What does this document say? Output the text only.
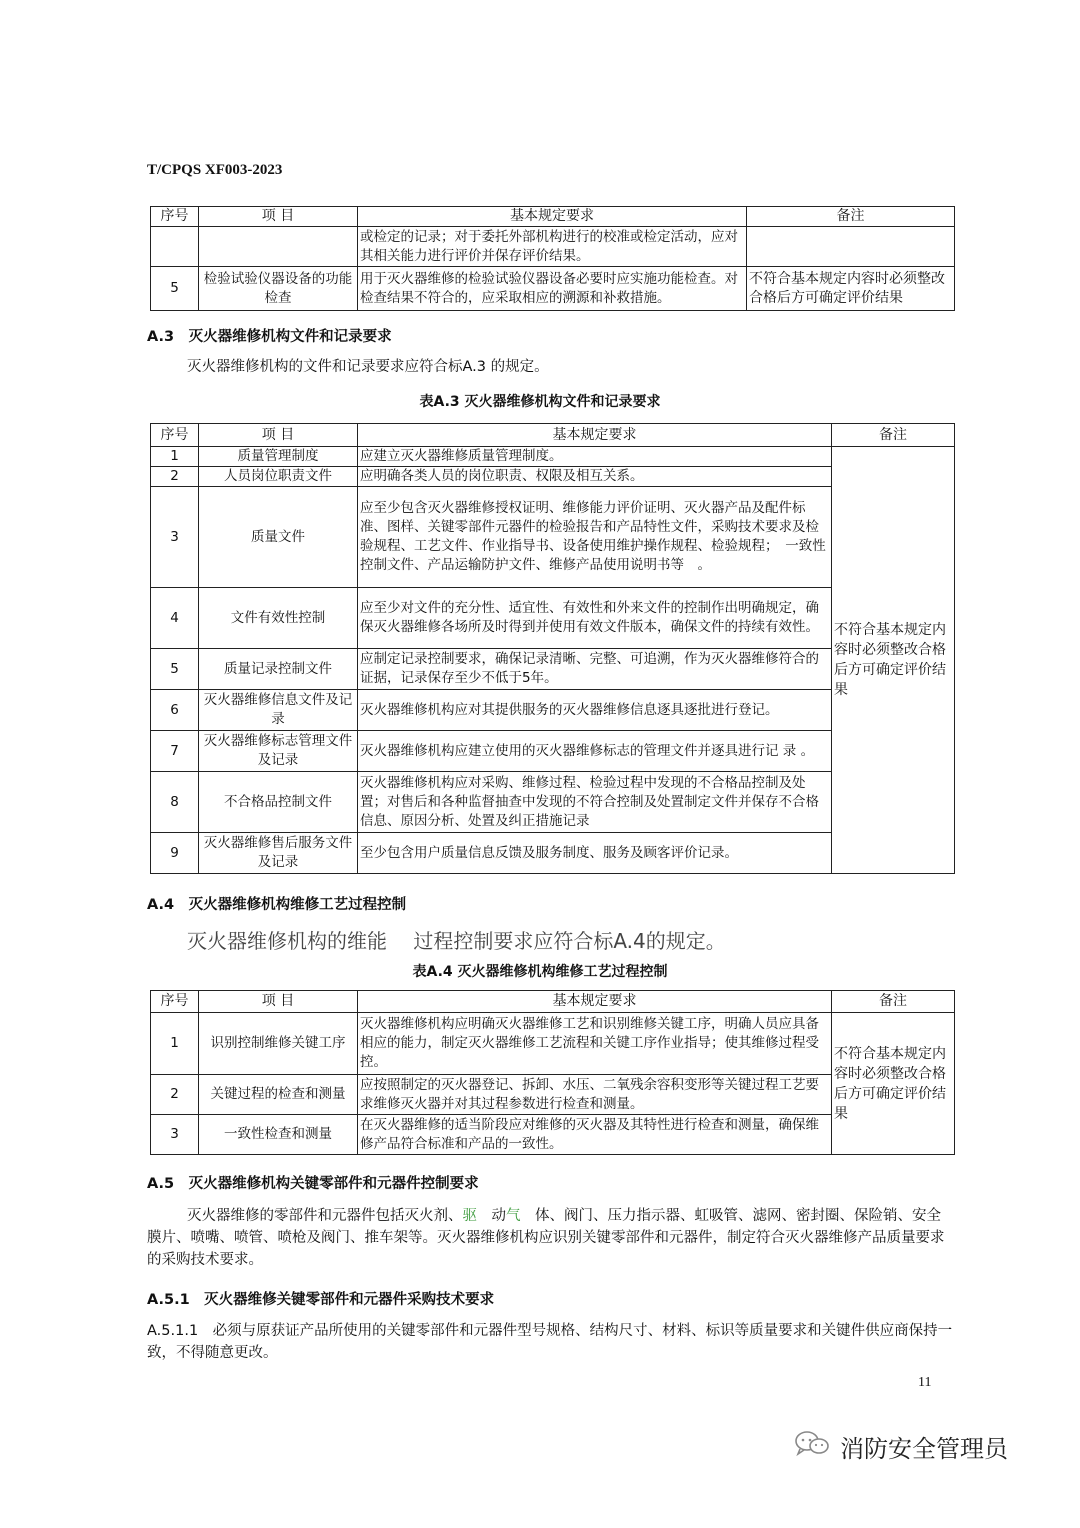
T/CPQS XF003-2023
序号	项 目	基本规定要求	备注
		或检定的记录；对于委托外部机构进行的校准或检定活动，应对其相关能力进行评价并保存评价结果。	
5	检验试验仪器设备的功能检查	用于灭火器维修的检验试验仪器设备必要时应实施功能检查。对检查结果不符合的，应采取相应的溯源和补救措施。	不符合基本规定内容时必须整改合格后方可确定评价结果
A.3　灭火器维修机构文件和记录要求
灭火器维修机构的文件和记录要求应符合标A.3 的规定。
表A.3 灭火器维修机构文件和记录要求
序号	项 目	基本规定要求	备注
1	质量管理制度	应建立灭火器维修质量管理制度。	不符合基本规定内容时必须整改合格后方可确定评价结果
2	人员岗位职责文件	应明确各类人员的岗位职责、权限及相互关系。	
3	质量文件	应至少包含灭火器维修授权证明、维修能力评价证明、灭火器产品及配件标准、图样、关键零部件元器件的检验报告和产品特性文件，采购技术要求及检验规程、工艺文件、作业指导书、设备使用维护操作规程、检验规程；　一致性控制文件、产品运输防护文件、维修产品使用说明书等　。	
4	文件有效性控制	应至少对文件的充分性、适宜性、有效性和外来文件的控制作出明确规定，确保灭火器维修各场所及时得到并使用有效文件版本，确保文件的持续有效性。	
5	质量记录控制文件	应制定记录控制要求，确保记录清晰、完整、可追溯，作为灭火器维修符合的证据，记录保存至少不低于5年。	
6	灭火器维修信息文件及记录	灭火器维修机构应对其提供服务的灭火器维修信息逐具逐批进行登记。	
7	灭火器维修标志管理文件及记录	灭火器维修机构应建立使用的灭火器维修标志的管理文件并逐具进行记 录 。	
8	不合格品控制文件	灭火器维修机构应对采购、维修过程、检验过程中发现的不合格品控制及处置；对售后和各种监督抽查中发现的不符合控制及处置制定文件并保存不合格信息、原因分析、处置及纠正措施记录	
9	灭火器维修售后服务文件及记录	至少包含用户质量信息反馈及服务制度、服务及顾客评价记录。	
A.4　灭火器维修机构维修工艺过程控制
灭火器维修机构的维能　 过程控制要求应符合标A.4的规定。
表A.4 灭火器维修机构维修工艺过程控制
序号	项 目	基本规定要求	备注
1	识别控制维修关键工序	灭火器维修机构应明确灭火器维修工艺和识别维修关键工序，明确人员应具备相应的能力，制定灭火器维修工艺流程和关键工序作业指导；使其维修过程受控。	不符合基本规定内容时必须整改合格后方可确定评价结果
2	关键过程的检查和测量	应按照制定的灭火器登记、拆卸、水压、二氧残余容积变形等关键过程工艺要求维修灭火器并对其过程参数进行检查和测量。	
3	一致性检查和测量	在灭火器维修的适当阶段应对维修的灭火器及其特性进行检查和测量，确保维修产品符合标准和产品的一致性。	
A.5　灭火器维修机构关键零部件和元器件控制要求
灭火器维修的零部件和元器件包括灭火剂、驱　动气　体、阀门、压力指示器、虹吸管、滤网、密封圈、保险销、安全膜片、喷嘴、喷管、喷枪及阀门、推车架等。灭火器维修机构应识别关键零部件和元器件，制定符合灭火器维修产品质量要求的采购技术要求。
A.5.1　灭火器维修关键零部件和元器件采购技术要求
A.5.1.1　必须与原获证产品所使用的关键零部件和元器件型号规格、结构尺寸、材料、标识等质量要求和关键件供应商保持一致，不得随意更改。
11
消防安全管理员
